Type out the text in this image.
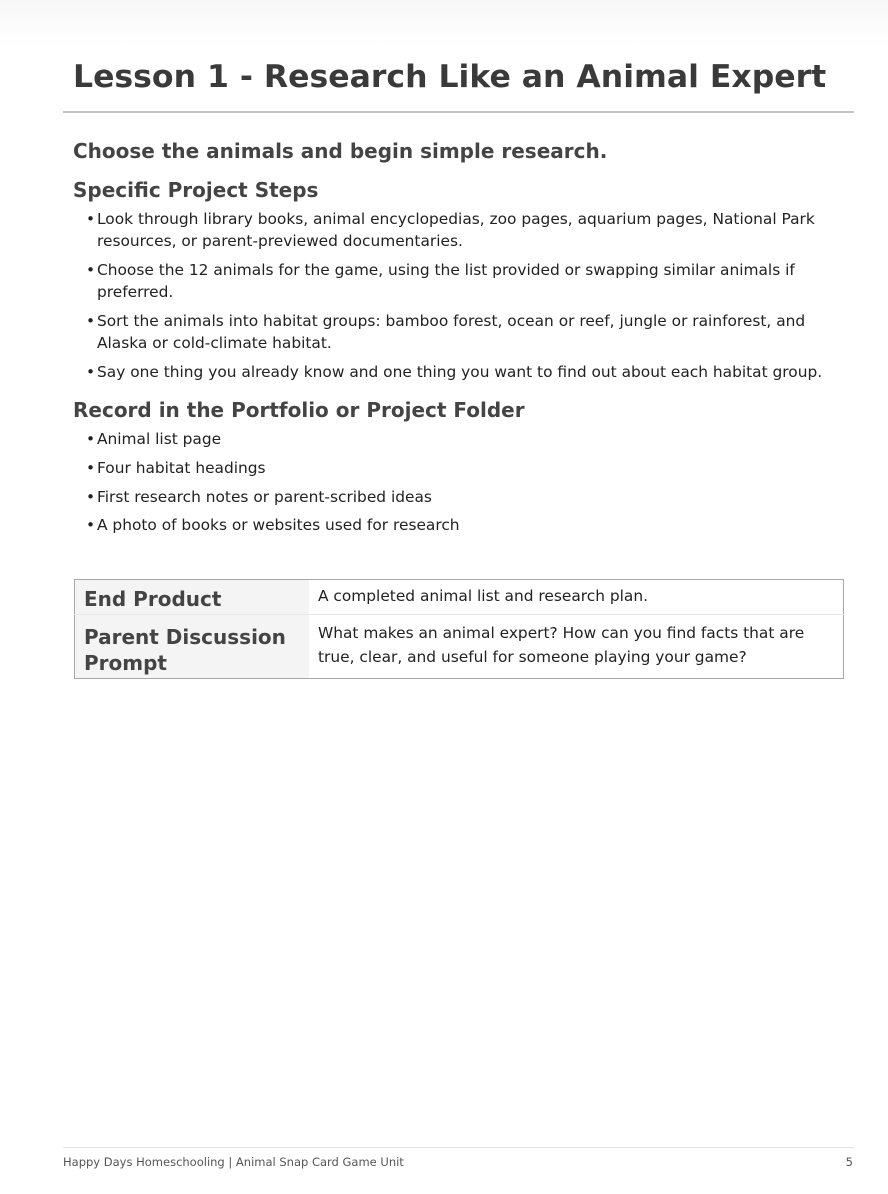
Lesson 1 - Research Like an Animal Expert
Choose the animals and begin simple research.
Specific Project Steps
• Look through library books, animal encyclopedias, zoo pages, aquarium pages, National Park resources, or parent-previewed documentaries.
• Choose the 12 animals for the game, using the list provided or swapping similar animals if preferred.
• Sort the animals into habitat groups: bamboo forest, ocean or reef, jungle or rainforest, and Alaska or cold-climate habitat.
• Say one thing you already know and one thing you want to find out about each habitat group.
Record in the Portfolio or Project Folder
• Animal list page
• Four habitat headings
• First research notes or parent-scribed ideas
• A photo of books or websites used for research
End Product	A completed animal list and research plan.
Parent Discussion Prompt	What makes an animal expert? How can you find facts that are true, clear, and useful for someone playing your game?
Happy Days Homeschooling | Animal Snap Card Game Unit	5
